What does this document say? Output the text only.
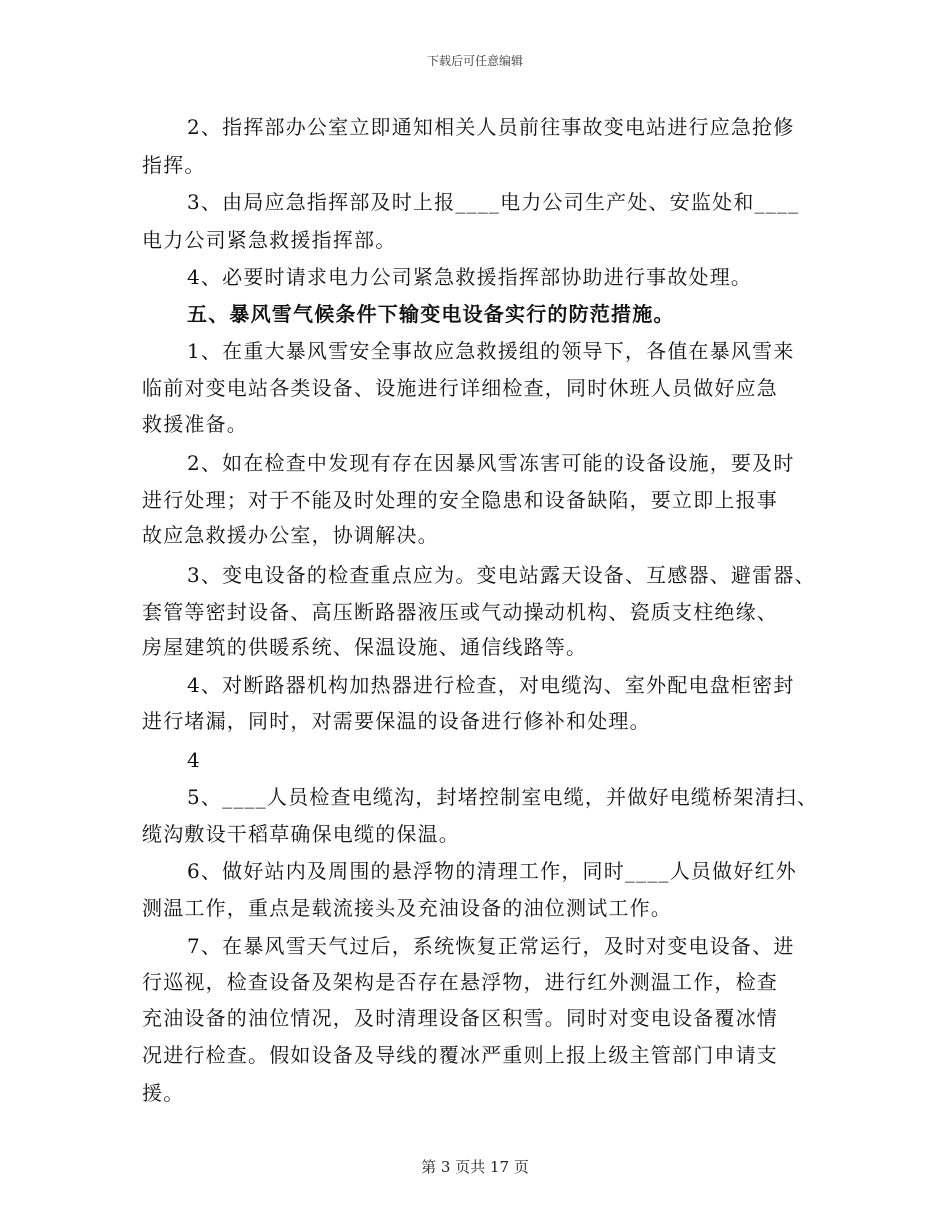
下载后可任意编辑
2、指挥部办公室立即通知相关人员前往事故变电站进行应急抢修
指挥。
3、由局应急指挥部及时上报____电力公司生产处、安监处和____
电力公司紧急救援指挥部。
4、必要时请求电力公司紧急救援指挥部协助进行事故处理。
五、暴风雪气候条件下输变电设备实行的防范措施。
1、在重大暴风雪安全事故应急救援组的领导下，各值在暴风雪来
临前对变电站各类设备、设施进行详细检查，同时休班人员做好应急
救援准备。
2、如在检查中发现有存在因暴风雪冻害可能的设备设施，要及时
进行处理；对于不能及时处理的安全隐患和设备缺陷，要立即上报事
故应急救援办公室，协调解决。
3、变电设备的检查重点应为。变电站露天设备、互感器、避雷器、
套管等密封设备、高压断路器液压或气动操动机构、瓷质支柱绝缘、
房屋建筑的供暖系统、保温设施、通信线路等。
4、对断路器机构加热器进行检查，对电缆沟、室外配电盘柜密封
进行堵漏，同时，对需要保温的设备进行修补和处理。
4
5、____人员检查电缆沟，封堵控制室电缆，并做好电缆桥架清扫、
缆沟敷设干稻草确保电缆的保温。
6、做好站内及周围的悬浮物的清理工作，同时____人员做好红外
测温工作，重点是载流接头及充油设备的油位测试工作。
7、在暴风雪天气过后，系统恢复正常运行，及时对变电设备、进
行巡视，检查设备及架构是否存在悬浮物，进行红外测温工作，检查
充油设备的油位情况，及时清理设备区积雪。同时对变电设备覆冰情
况进行检查。假如设备及导线的覆冰严重则上报上级主管部门申请支
援。
第 3 页共 17 页
